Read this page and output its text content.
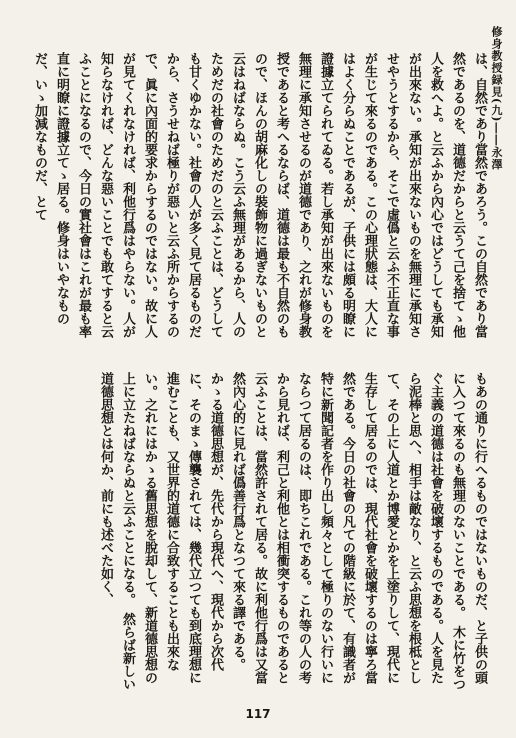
修身教授録見(九)――永澤

は、自然であり當然であろう。この自然であり當然であるのを、道德だからと云うて己を捨てゝ他人を救へよ。と云ふから內心ではどうしても承知が出來ない。承知が出來ないものを無理に承知させやうとするから、そこで虛僞と云ふ不正直な事が生じて來るのである。この心理狀態は、大人にはよく分らぬことであるが、子供には頗る明瞭に證據立てられてゐる。若し承知が出來ないものを無理に承知させるのが道德であり、之れが修身教授であると考へるならば、道德は最も不自然のもので、ほんの胡麻化しの裝飾物に過ぎないものと云はねばならぬ。こう云ふ無理があるから、人のためだの社會のためだのと云ふことは、どうしても甘くゆかない。社會の人が多く見て居るものだから、さうせねば極りが惡いと云ふ所からするので、眞に內面的要求からするのではない。故に人が見てくれなければ、利他行爲はやらない。人が知らなければ、どんな惡いことでも敢てすると云ふことになるので、今日の實社會はこれが最も率直に明瞭に證據立てゝ居る。修身はいやなものだ、いゝ加減なものだ、とて

もあの通りに行へるものではないものだ、と子供の頭に入つて來るのも無理のないことである。　木に竹をつぐ主義の道德は社會を破壞するものである。人を見たら泥棒と思へ、相手は敵なり、と云ふ思想を根柢として、その上に人道とか博愛とかを上塗りして、現代に生存して居るのでは、現代社會を破壞するのは寧ろ當然である。今日の社會の凡ての階級に於て、有識者が特に新聞記者を作り出し頻々として極りのない行いにならつて居るのは、即ちこれである。これ等の人の考から見れば、利己と利他とは相衝突するものであると云ふことは、當然許されて居る。故に利他行爲は又當然內心的に見れば僞善行爲となつて來る譯である。かゝる道德思想が、先代から現代へ、現代から次代に、そのまゝ傳襲されては、幾代立つても到底理想に進むことも、又世界的道德に合致することも出來ない。之れにはかゝる舊思想を脫却して、新道德思想の上に立たねばならぬと云ふことになる。　然らば新しい道德思想とは何か、前にも述べた如く、

117
